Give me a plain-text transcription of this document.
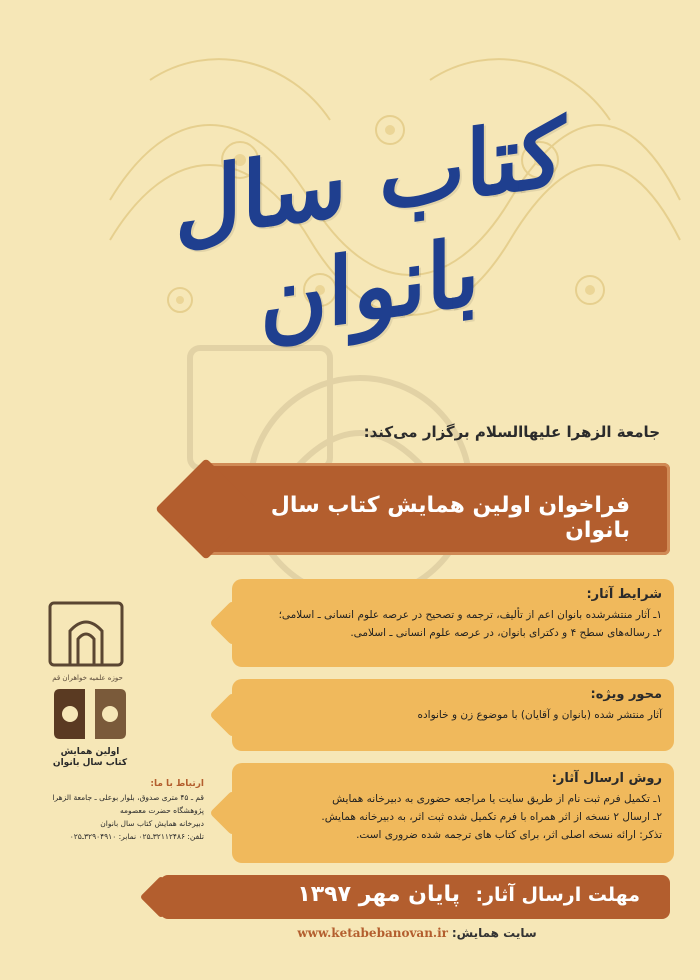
کتاب سال بانوان
جامعة الزهرا علیهاالسلام برگزار می‌کند:
فراخوان اولین همایش کتاب سال بانوان
شرایط آثار:

۱ـ آثار منتشرشده بانوان اعم از تألیف، ترجمه و تصحیح در عرصه علوم انسانی ـ اسلامی؛

۲ـ رساله‌های سطح ۴ و دکترای بانوان، در عرصه علوم انسانی ـ اسلامی.

محور ویژه:

آثار منتشر شده (بانوان و آقایان) با موضوع زن و خانواده

روش ارسال آثار:

۱ـ تکمیل فرم ثبت نام از طریق سایت یا مراجعه حضوری به دبیرخانه همایش

۲ـ ارسال ۲ نسخه از اثر همراه با فرم تکمیل شده ثبت اثر، به دبیرخانه همایش.

تذکر: ارائه نسخه اصلی اثر، برای کتاب های ترجمه شده ضروری است.

مهلت ارسال آثار:
پایان مهر ۱۳۹۷
سایت همایش: www.ketabebanovan.ir
حوزه علمیه خواهران قم
اولین همایش
کتاب سال بانوان
ارتباط با ما:
قم ـ ۴۵ متری صدوق، بلوار بوعلی ـ جامعة الزهرا
پژوهشگاه حضرت معصومه
دبیرخانه همایش کتاب سال بانوان
تلفن: ۳۲۱۱۲۴۸۶ـ۰۲۵ نمابر: ۳۲۹۰۴۹۱۰ـ۰۲۵
